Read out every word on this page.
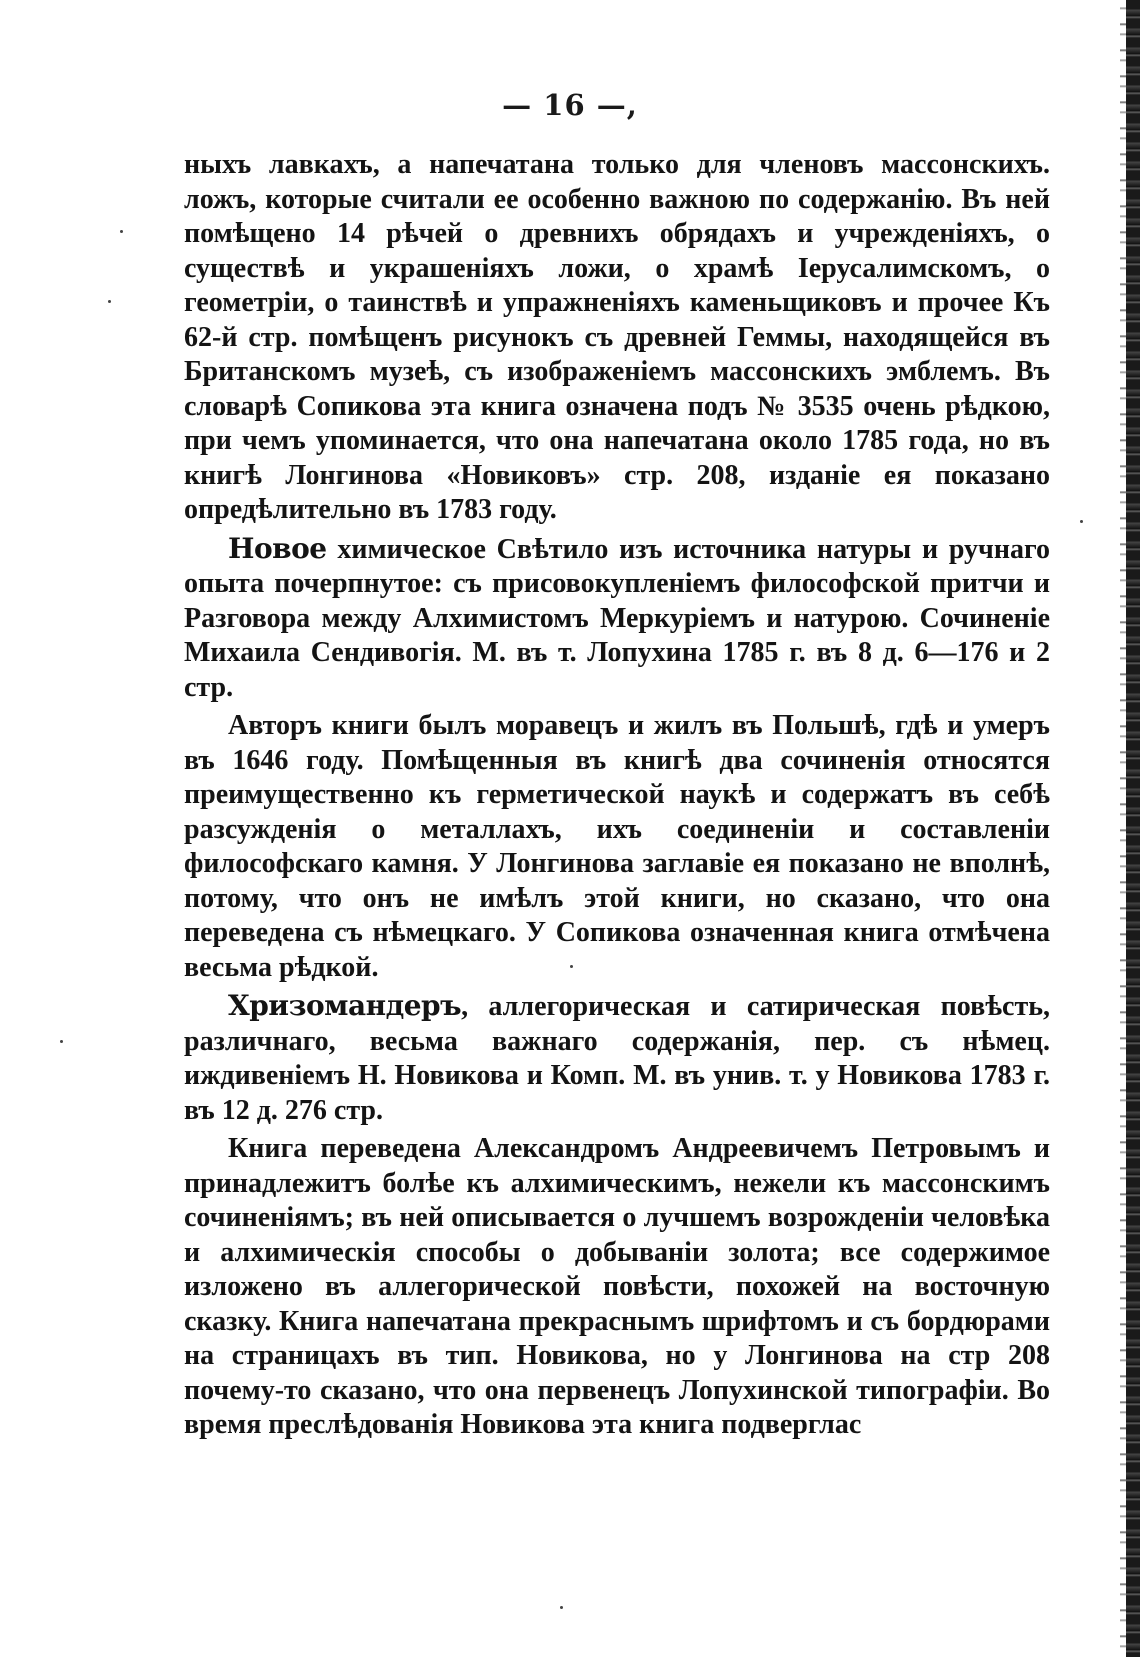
— 16 —,

ныхъ лавкахъ, а напечатана только для членовъ массонскихъ. ложъ, которые считали ее особенно важною по содержанію. Въ ней помѣщено 14 рѣчей о древнихъ обрядахъ и учрежденіяхъ, о существѣ и украшеніяхъ ложи, о храмѣ Іерусалимскомъ, о геометріи, о таинствѣ и упражненіяхъ каменьщиковъ и прочее Къ 62-й стр. помѣщенъ рисунокъ съ древней Геммы, находящейся въ Британскомъ музеѣ, съ изображеніемъ массонскихъ эмблемъ. Въ словарѣ Сопикова эта книга означена подъ № 3535 очень рѣдкою, при чемъ упоминается, что она напечатана около 1785 года, но въ книгѣ Лонгинова «Новиковъ» стр. 208, изданіе ея показано опредѣлительно въ 1783 году.

Новое химическое Свѣтило изъ источника натуры и ручнаго опыта почерпнутое: съ присовокупленіемъ философской притчи и Разговора между Алхимистомъ Меркуріемъ и натурою. Сочиненіе Михаила Сендивогія. М. въ т. Лопухина 1785 г. въ 8 д. 6—176 и 2 стр.

Авторъ книги былъ моравецъ и жилъ въ Польшѣ, гдѣ и умеръ въ 1646 году. Помѣщенныя въ книгѣ два сочиненія относятся преимущественно къ герметической наукѣ и содержатъ въ себѣ разсужденія о металлахъ, ихъ соединеніи и составленіи философскаго камня. У Лонгинова заглавіе ея показано не вполнѣ, потому, что онъ не имѣлъ этой книги, но сказано, что она переведена съ нѣмецкаго. У Сопикова означенная книга отмѣчена весьма рѣдкой.

Хризомандеръ, аллегорическая и сатирическая повѣсть, различнаго, весьма важнаго содержанія, пер. съ нѣмец. иждивеніемъ Н. Новикова и Комп. М. въ унив. т. у Новикова 1783 г. въ 12 д. 276 стр.

Книга переведена Александромъ Андреевичемъ Петровымъ и принадлежитъ болѣе къ алхимическимъ, нежели къ массонскимъ сочиненіямъ; въ ней описывается о лучшемъ возрожденіи человѣка и алхимическія способы о добываніи золота; все содержимое изложено въ аллегорической повѣсти, похожей на восточную сказку. Книга напечатана прекраснымъ шрифтомъ и съ бордюрами на страницахъ въ тип. Новикова, но у Лонгинова на стр 208 почему-то сказано, что она первенецъ Лопухинской типографіи. Во время преслѣдованія Новикова эта книга подверглас
